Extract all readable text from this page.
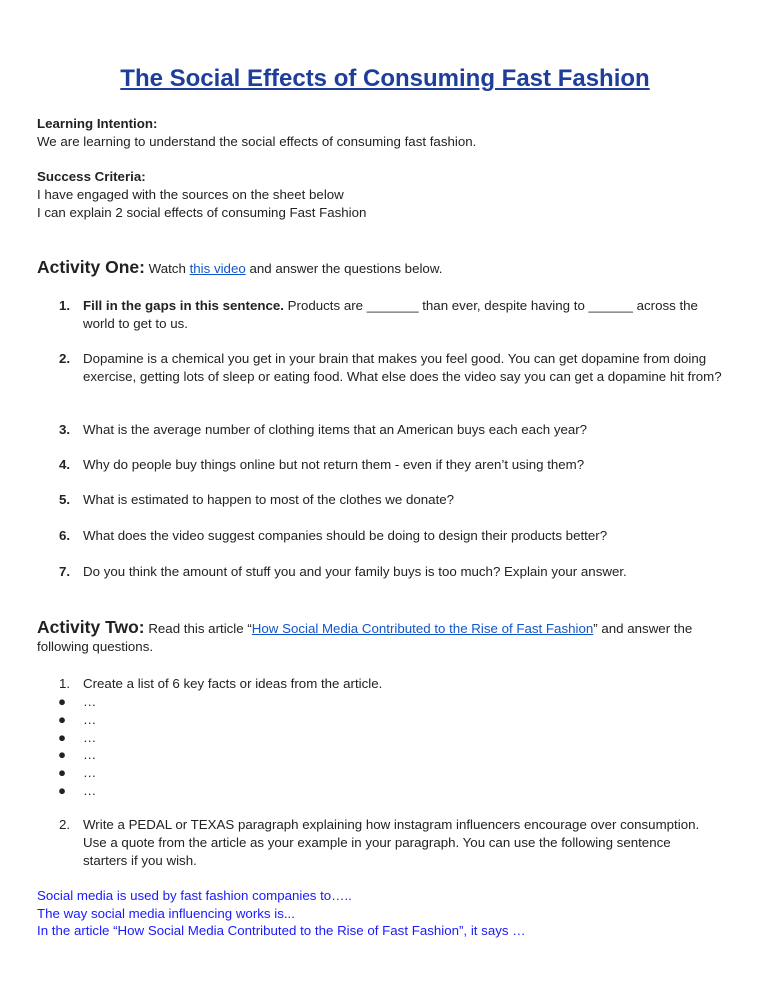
The Social Effects of Consuming Fast Fashion
Learning Intention:
We are learning to understand the social effects of consuming fast fashion.
Success Criteria:
I have engaged with the sources on the sheet below
I can explain 2 social effects of consuming Fast Fashion
Activity One: Watch this video and answer the questions below.
1. Fill in the gaps in this sentence. Products are _______ than ever, despite having to ______ across the world to get to us.
2. Dopamine is a chemical you get in your brain that makes you feel good. You can get dopamine from doing exercise, getting lots of sleep or eating food. What else does the video say you can get a dopamine hit from?
3. What is the average number of clothing items that an American buys each each year?
4. Why do people buy things online but not return them - even if they aren’t using them?
5. What is estimated to happen to most of the clothes we donate?
6. What does the video suggest companies should be doing to design their products better?
7. Do you think the amount of stuff you and your family buys is too much? Explain your answer.
Activity Two: Read this article “How Social Media Contributed to the Rise of Fast Fashion” and answer the following questions.
1. Create a list of 6 key facts or ideas from the article.
● …
● …
● …
● …
● …
● …
2. Write a PEDAL or TEXAS paragraph explaining how instagram influencers encourage over consumption. Use a quote from the article as your example in your paragraph. You can use the following sentence starters if you wish.
Social media is used by fast fashion companies to…..
The way social media influencing works is...
In the article “How Social Media Contributed to the Rise of Fast Fashion”, it says …
